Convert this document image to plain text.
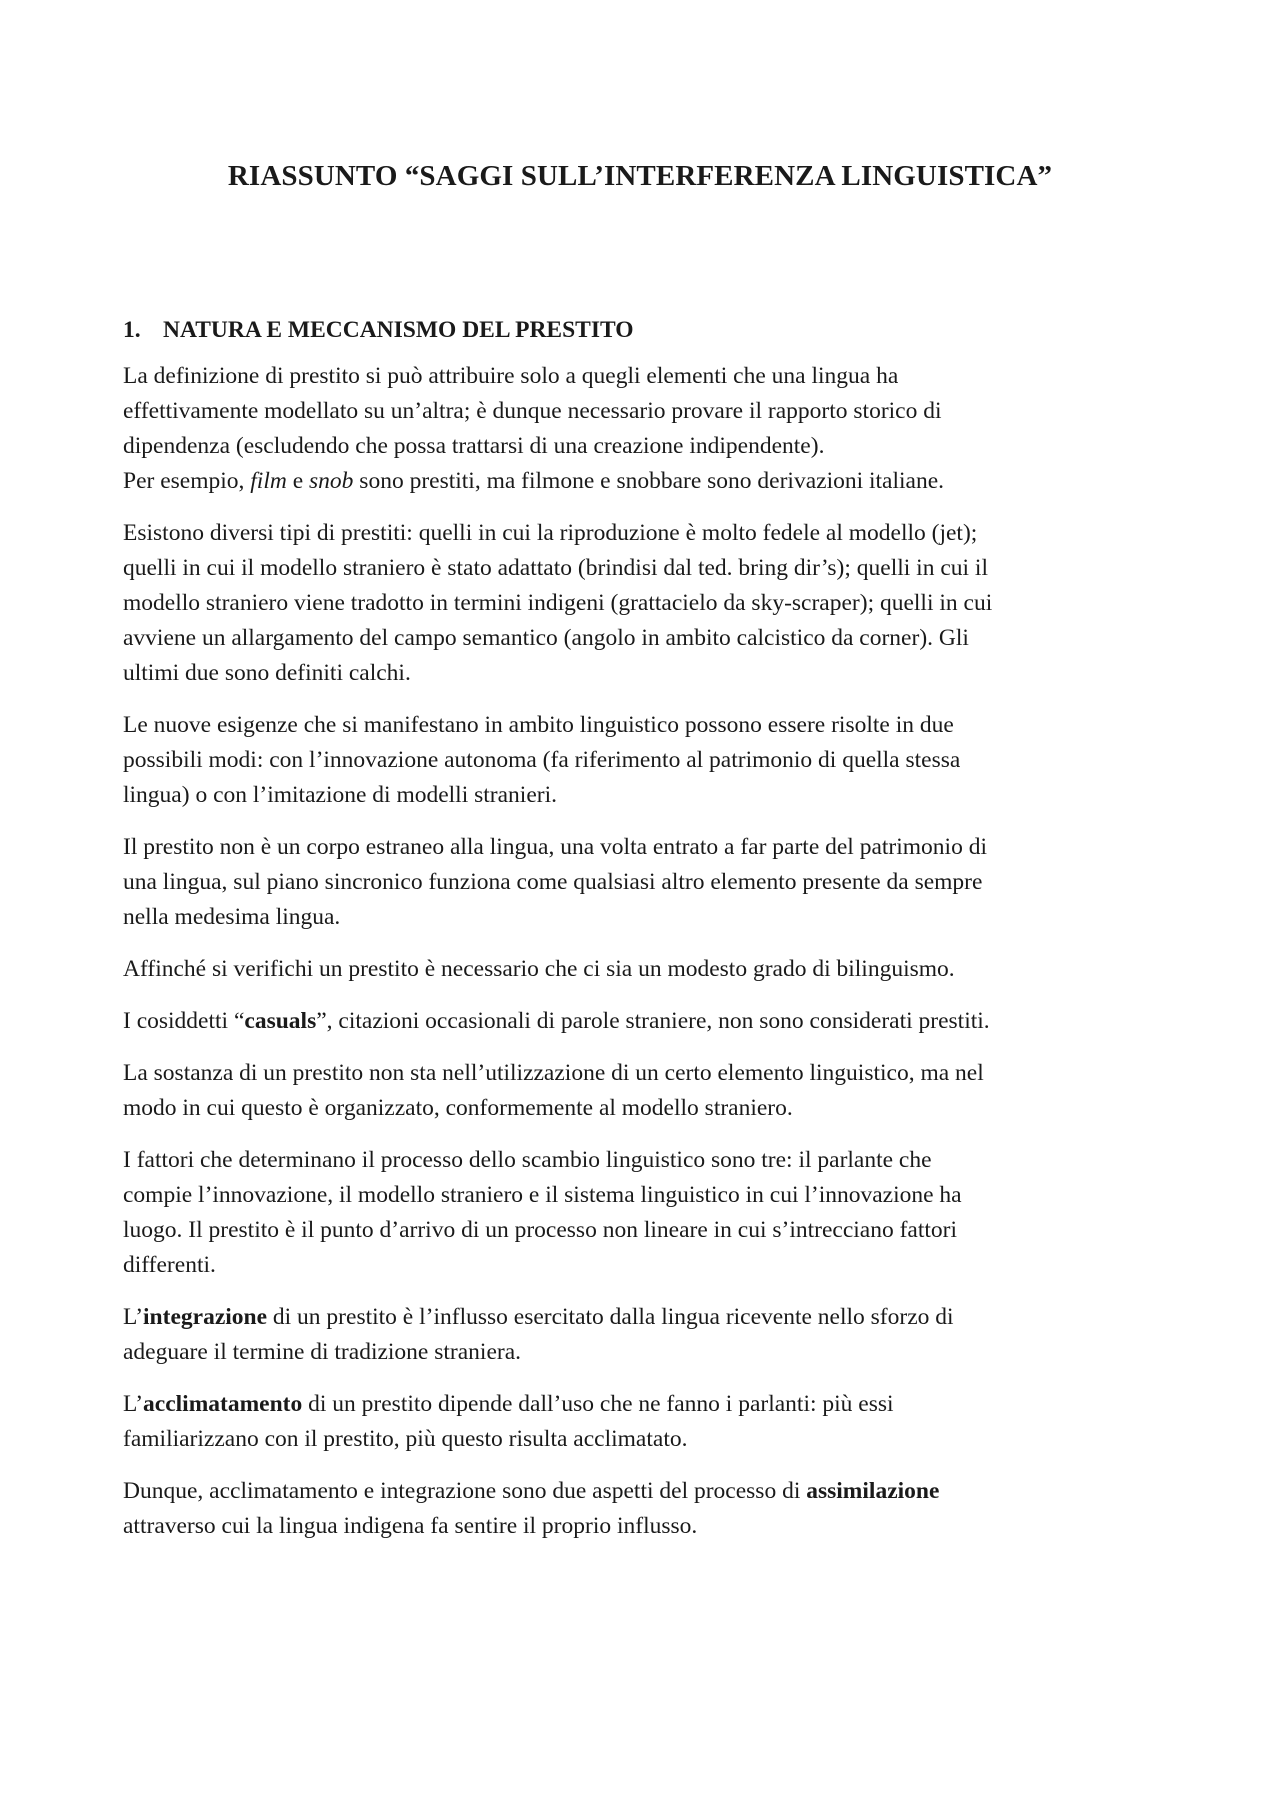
RIASSUNTO “SAGGI SULL’INTERFERENZA LINGUISTICA”
1. NATURA E MECCANISMO DEL PRESTITO

La definizione di prestito si può attribuire solo a quegli elementi che una lingua ha
effettivamente modellato su un’altra; è dunque necessario provare il rapporto storico di
dipendenza (escludendo che possa trattarsi di una creazione indipendente).
Per esempio, film e snob sono prestiti, ma filmone e snobbare sono derivazioni italiane.

Esistono diversi tipi di prestiti: quelli in cui la riproduzione è molto fedele al modello (jet);
quelli in cui il modello straniero è stato adattato (brindisi dal ted. bring dir’s); quelli in cui il
modello straniero viene tradotto in termini indigeni (grattacielo da sky-scraper); quelli in cui
avviene un allargamento del campo semantico (angolo in ambito calcistico da corner). Gli
ultimi due sono definiti calchi.

Le nuove esigenze che si manifestano in ambito linguistico possono essere risolte in due
possibili modi: con l’innovazione autonoma (fa riferimento al patrimonio di quella stessa
lingua) o con l’imitazione di modelli stranieri.

Il prestito non è un corpo estraneo alla lingua, una volta entrato a far parte del patrimonio di
una lingua, sul piano sincronico funziona come qualsiasi altro elemento presente da sempre
nella medesima lingua.

Affinché si verifichi un prestito è necessario che ci sia un modesto grado di bilinguismo.

I cosiddetti “casuals”, citazioni occasionali di parole straniere, non sono considerati prestiti.

La sostanza di un prestito non sta nell’utilizzazione di un certo elemento linguistico, ma nel
modo in cui questo è organizzato, conformemente al modello straniero.

I fattori che determinano il processo dello scambio linguistico sono tre: il parlante che
compie l’innovazione, il modello straniero e il sistema linguistico in cui l’innovazione ha
luogo. Il prestito è il punto d’arrivo di un processo non lineare in cui s’intrecciano fattori
differenti.

L’integrazione di un prestito è l’influsso esercitato dalla lingua ricevente nello sforzo di
adeguare il termine di tradizione straniera.

L’acclimatamento di un prestito dipende dall’uso che ne fanno i parlanti: più essi
familiarizzano con il prestito, più questo risulta acclimatato.

Dunque, acclimatamento e integrazione sono due aspetti del processo di assimilazione
attraverso cui la lingua indigena fa sentire il proprio influsso.
